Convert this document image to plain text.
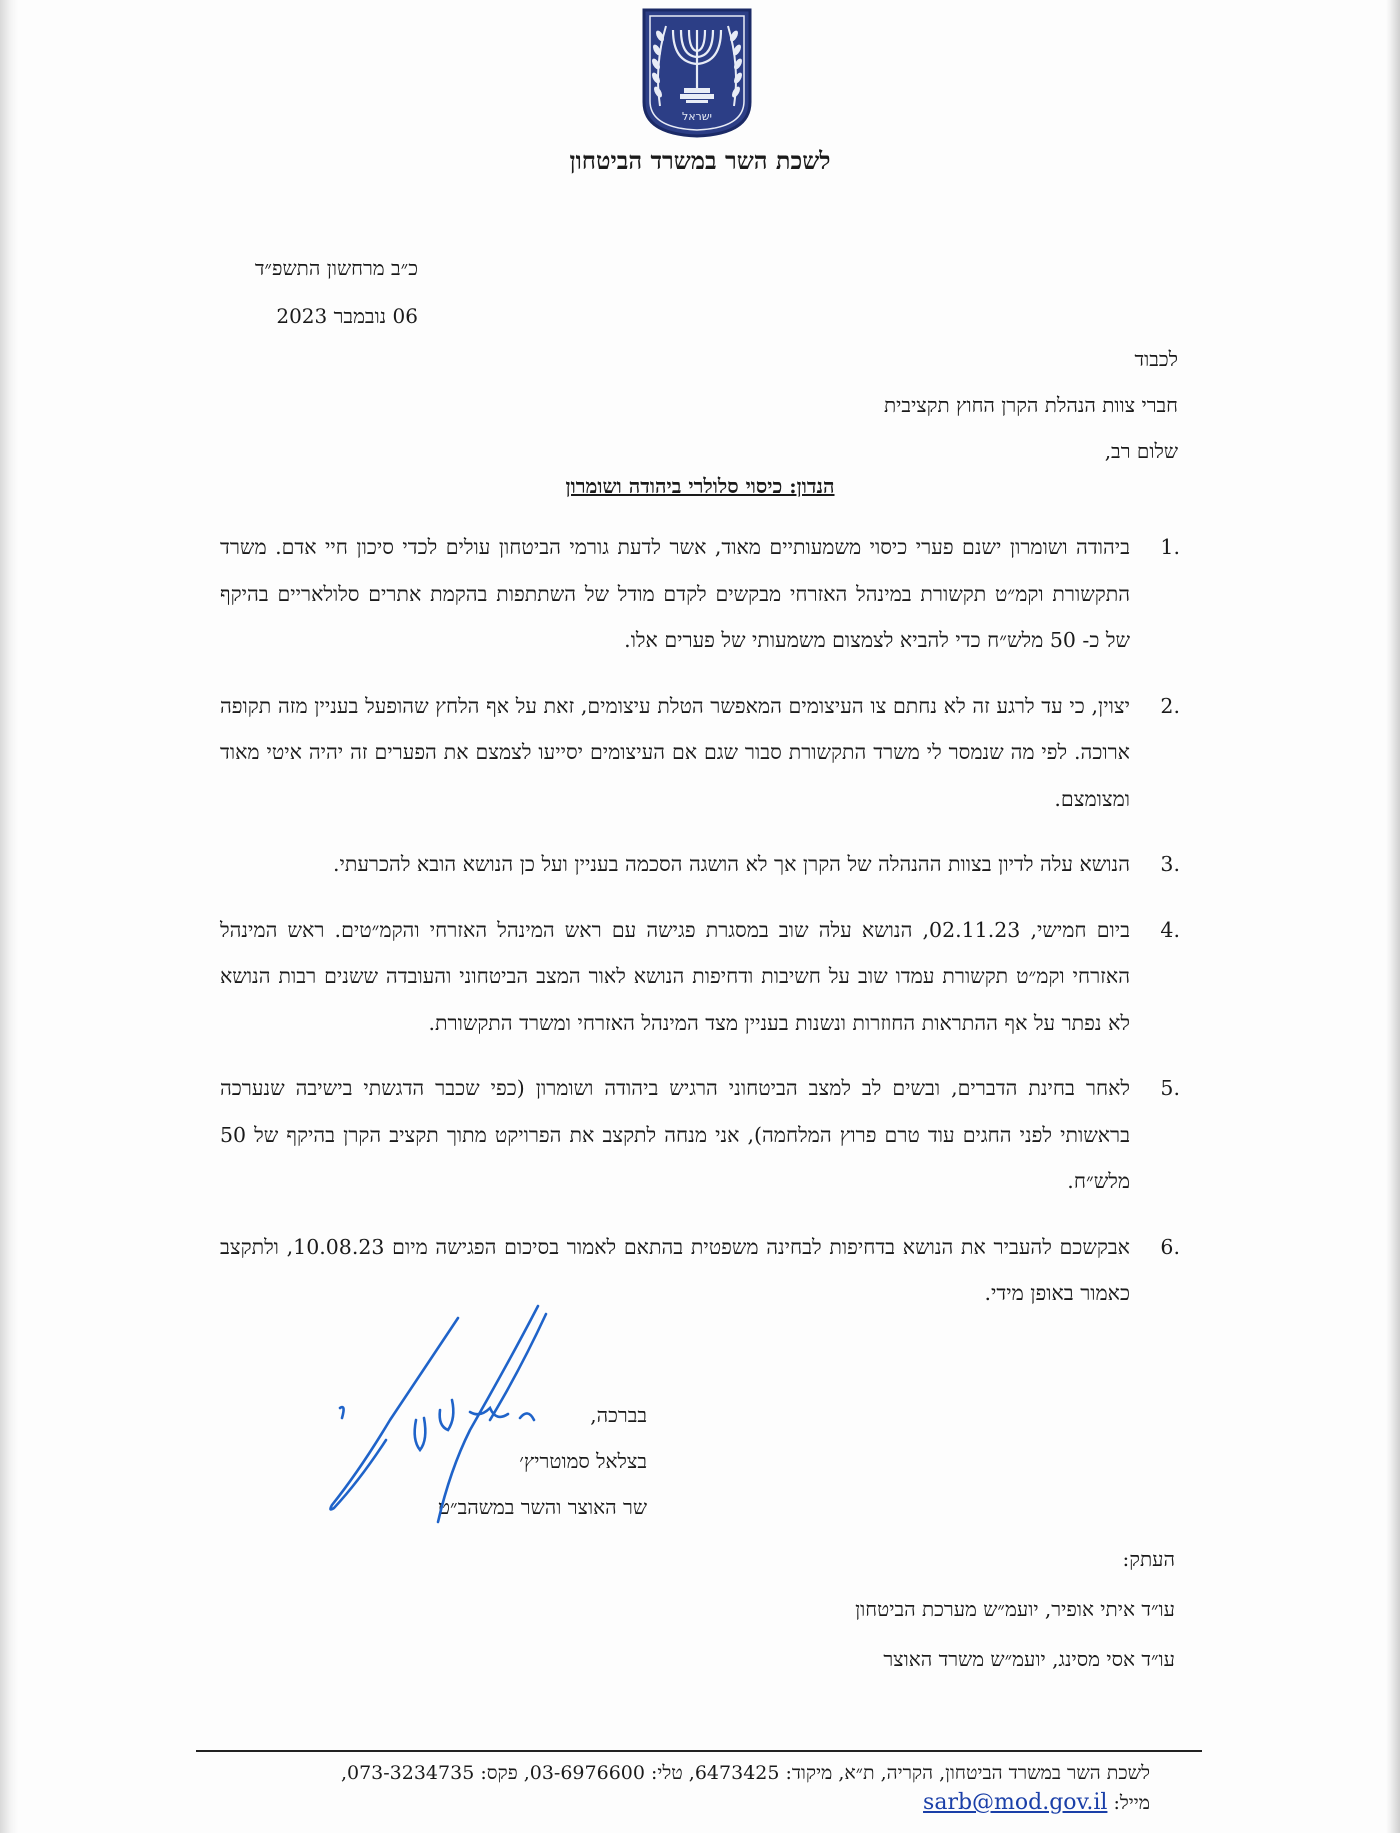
ישראל
לשכת השר במשרד הביטחון
כ״ב מרחשון התשפ״ד
06 נובמבר 2023
לכבוד
חברי צוות הנהלת הקרן החוץ תקציבית
שלום רב,

הנדון: כיסוי סלולרי ביהודה ושומרון

.1
ביהודה ושומרון ישנם פערי כיסוי משמעותיים מאוד, אשר לדעת גורמי הביטחון עולים לכדי סיכון חיי אדם. משרד התקשורת וקמ״ט תקשורת במינהל האזרחי מבקשים לקדם מודל של השתתפות בהקמת אתרים סלולאריים בהיקף של כ- 50 מלש״ח כדי להביא לצמצום משמעותי של פערים אלו.
.2
יצוין, כי עד לרגע זה לא נחתם צו העיצומים המאפשר הטלת עיצומים, זאת על אף הלחץ שהופעל בעניין מזה תקופה ארוכה. לפי מה שנמסר לי משרד התקשורת סבור שגם אם העיצומים יסייעו לצמצם את הפערים זה יהיה איטי מאוד ומצומצם.
.3
הנושא עלה לדיון בצוות ההנהלה של הקרן אך לא הושגה הסכמה בעניין ועל כן הנושא הובא להכרעתי.
.4
ביום חמישי, 02.11.23, הנושא עלה שוב במסגרת פגישה עם ראש המינהל האזרחי והקמ״טים. ראש המינהל האזרחי וקמ״ט תקשורת עמדו שוב על חשיבות ודחיפות הנושא לאור המצב הביטחוני והעובדה ששנים רבות הנושא לא נפתר על אף ההתראות החוזרות ונשנות בעניין מצד המינהל האזרחי ומשרד התקשורת.
.5
לאחר בחינת הדברים, ובשים לב למצב הביטחוני הרגיש ביהודה ושומרון (כפי שכבר הדגשתי בישיבה שנערכה בראשותי לפני החגים עוד טרם פרוץ המלחמה), אני מנחה לתקצב את הפרויקט מתוך תקציב הקרן בהיקף של 50 מלש״ח.
.6
אבקשכם להעביר את הנושא בדחיפות לבחינה משפטית בהתאם לאמור בסיכום הפגישה מיום 10.08.23, ולתקצב כאמור באופן מידי.
בברכה,
בצלאל סמוטריץ׳
שר האוצר והשר במשהב״ט
העתק:
עו״ד איתי אופיר, יועמ״ש מערכת הביטחון
עו״ד אסי מסינג, יועמ״ש משרד האוצר
לשכת השר במשרד הביטחון, הקריה, ת״א, מיקוד: 6473425, טלי: 03-6976600, פקס: 073-3234735,
מייל: sarb@mod.gov.il
